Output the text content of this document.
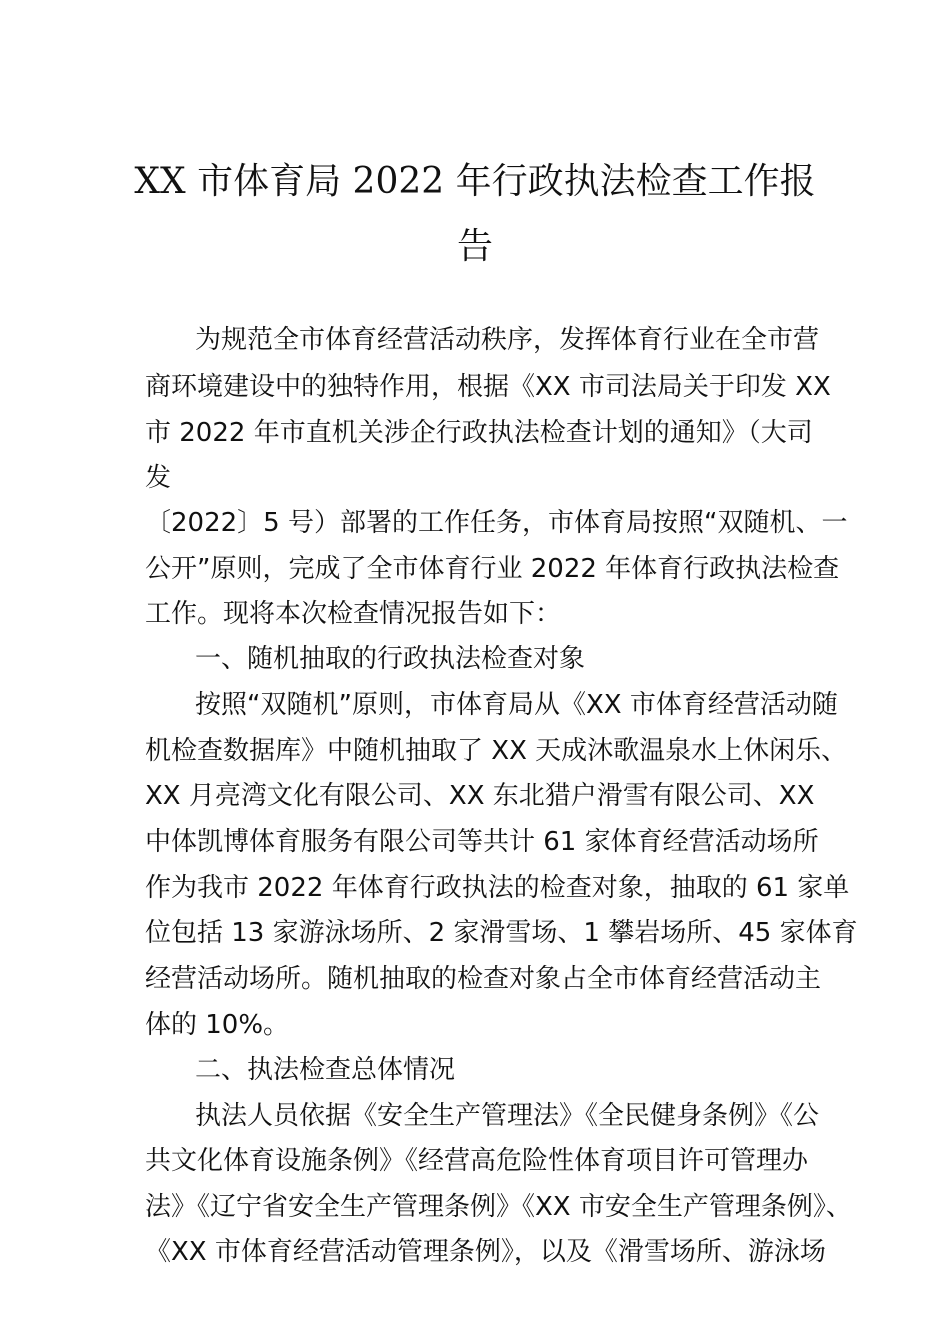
XX 市体育局 2022 年行政执法检查工作报
告
为规范全市体育经营活动秩序，发挥体育行业在全市营
商环境建设中的独特作用，根据《XX 市司法局关于印发 XX
市 2022 年市直机关涉企行政执法检查计划的通知》（大司
发
〔2022〕5 号）部署的工作任务，市体育局按照“双随机、一
公开”原则，完成了全市体育行业 2022 年体育行政执法检查
工作。现将本次检查情况报告如下：
一、随机抽取的行政执法检查对象
按照“双随机”原则，市体育局从《XX 市体育经营活动随
机检查数据库》中随机抽取了 XX 天成沐歌温泉水上休闲乐、
XX 月亮湾文化有限公司、XX 东北猎户滑雪有限公司、XX
中体凯博体育服务有限公司等共计 61 家体育经营活动场所
作为我市 2022 年体育行政执法的检查对象，抽取的 61 家单
位包括 13 家游泳场所、2 家滑雪场、1 攀岩场所、45 家体育
经营活动场所。随机抽取的检查对象占全市体育经营活动主
体的 10%。
二、执法检查总体情况
执法人员依据《安全生产管理法》《全民健身条例》《公
共文化体育设施条例》《经营高危险性体育项目许可管理办
法》《辽宁省安全生产管理条例》《XX 市安全生产管理条例》、
《XX 市体育经营活动管理条例》，以及《滑雪场所、游泳场
